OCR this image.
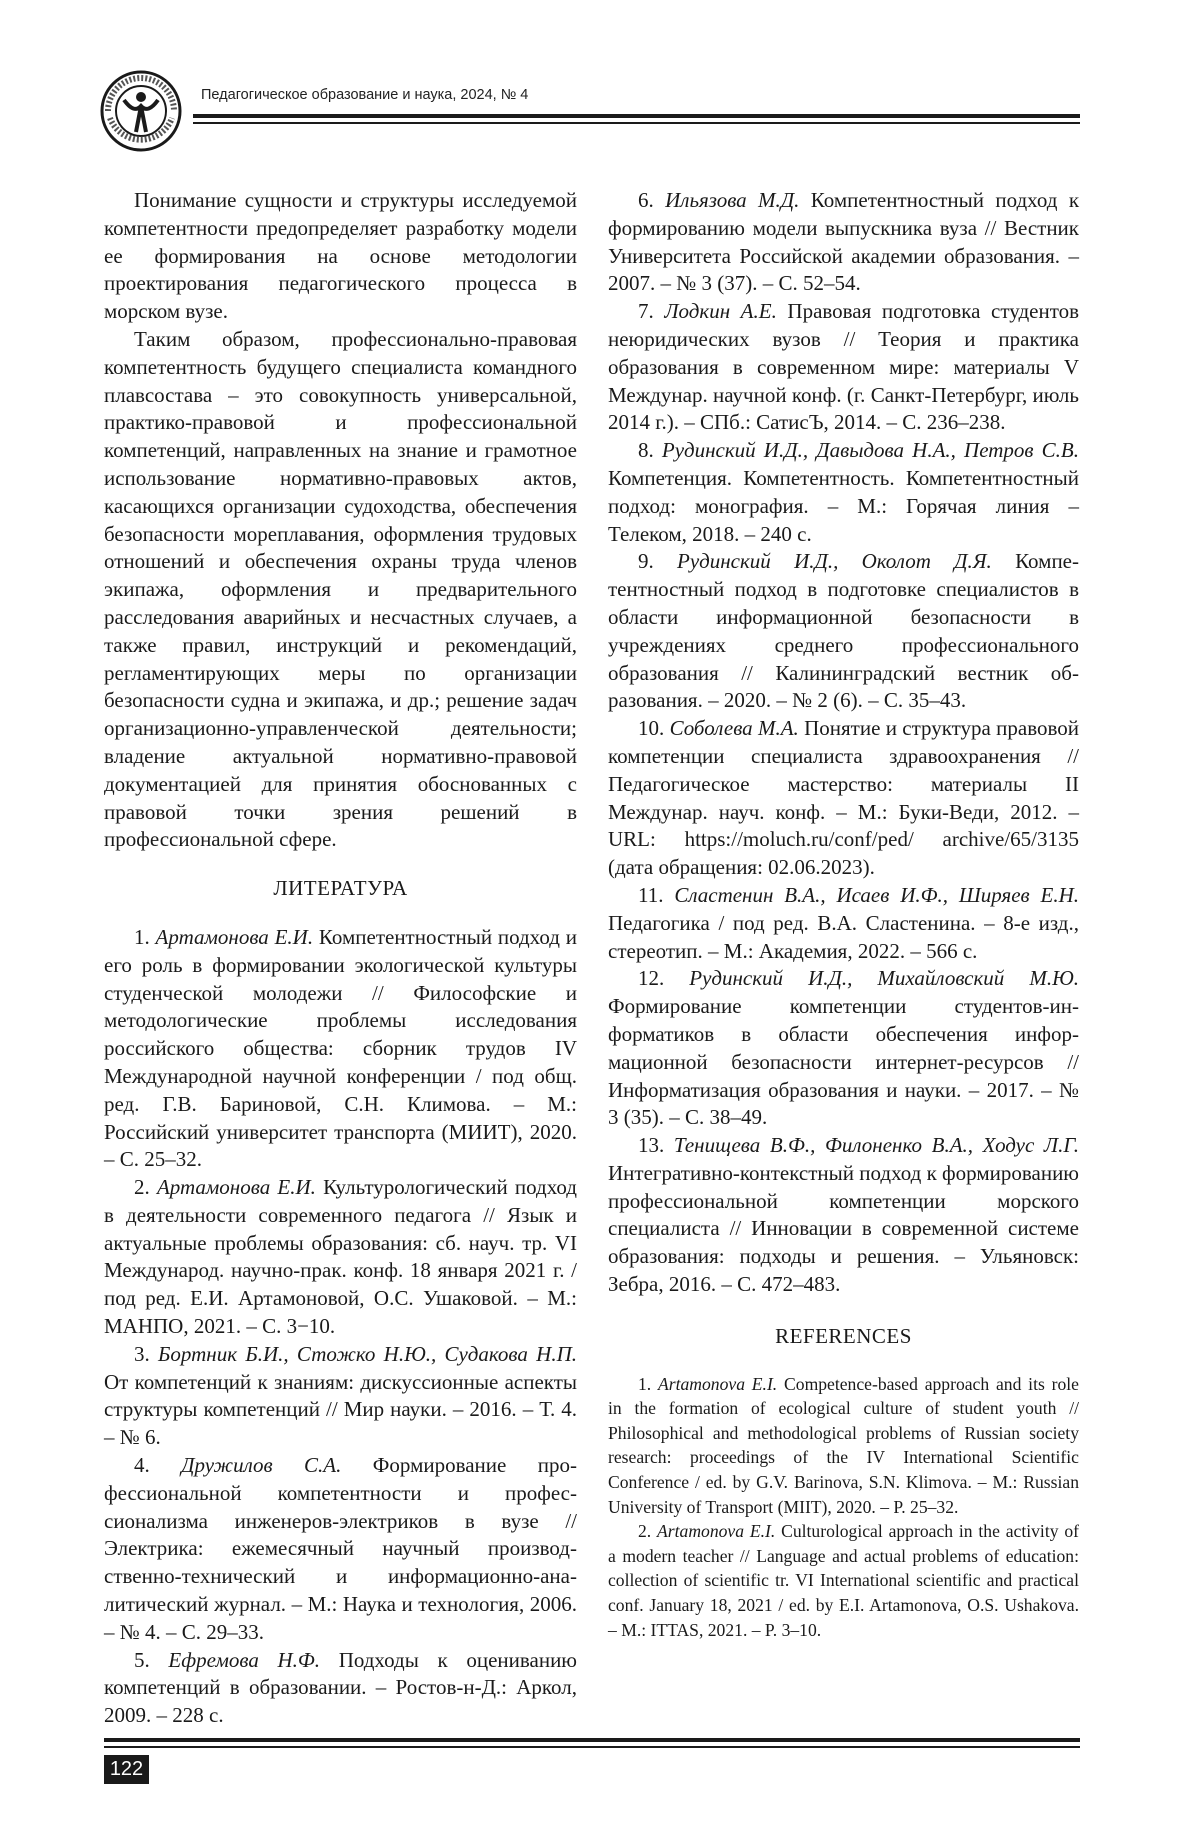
Педагогическое образование и наука, 2024, № 4

Понимание сущности и структуры исследуемой компетентности предопределяет разработку модели ее формирования на основе методологии проектирования педагогического процесса в морском вузе.

Таким образом, профессионально-правовая компетентность будущего специалиста командного плавсостава – это совокупность универсальной, практико-правовой и профессиональной компетенций, направленных на знание и грамотное использование нормативно-правовых актов, касающихся организации судоходства, обеспечения безопасности мореплавания, оформления трудовых отношений и обеспечения охраны труда членов экипажа, оформления и предварительного расследования аварийных и несчастных случаев, а также правил, инструкций и рекомендаций, регламентирующих меры по организации безопасности судна и экипажа, и др.; решение задач организационно-управленческой деятельности; владение актуальной нормативно-правовой документацией для принятия обоснованных с правовой точки зрения решений в профессиональной сфере.

ЛИТЕРАТУРА
1. Артамонова Е.И. Компетентностный подход и его роль в формировании экологической культуры студенческой молодежи // Философские и методологические проблемы исследования российского общества: сборник трудов IV Международной научной конференции / под общ. ред. Г.В. Бариновой, С.Н. Климова. – М.: Российский университет транспорта (МИИТ), 2020. – С. 25–32.
2. Артамонова Е.И. Культурологический подход в деятельности современного педагога // Язык и актуальные проблемы образования: сб. науч. тр. VI Международ. научно-прак. конф. 18 января 2021 г. / под ред. Е.И. Артамоновой, О.С. Ушаковой. – М.: МАНПО, 2021. – С. 3−10.
3. Бортник Б.И., Стожко Н.Ю., Судакова Н.П. От компетенций к знаниям: дискуссионные аспекты структуры компетенций // Мир науки. – 2016. – Т. 4. – № 6.
4. Дружилов С.А. Формирование профессиональной компетентности и профессионализма инженеров-электриков в вузе // Электрика: ежемесячный научный производственно-технический и информационно-аналитический журнал. – М.: Наука и технология, 2006. – № 4. – С. 29–33.
5. Ефремова Н.Ф. Подходы к оцениванию компетенций в образовании. – Ростов-н-Д.: Аркол, 2009. – 228 с.
6. Ильязова М.Д. Компетентностный подход к формированию модели выпускника вуза // Вестник Университета Российской академии образования. – 2007. – № 3 (37). – С. 52–54.
7. Лодкин А.Е. Правовая подготовка студентов неюридических вузов // Теория и практика образования в современном мире: материалы V Междунар. научной конф. (г. Санкт-Петербург, июль 2014 г.). – СПб.: СатисЪ, 2014. – С. 236–238.
8. Рудинский И.Д., Давыдова Н.А., Петров С.В. Компетенция. Компетентность. Компетентностный подход: монография. – М.: Горячая линия – Телеком, 2018. – 240 с.
9. Рудинский И.Д., Околот Д.Я. Компетентностный подход в подготовке специалистов в области информационной безопасности в учреждениях среднего профессионального образования // Калининградский вестник образования. – 2020. – № 2 (6). – С. 35–43.
10. Соболева М.А. Понятие и структура правовой компетенции специалиста здравоохранения // Педагогическое мастерство: материалы II Междунар. науч. конф. – М.: Буки-Веди, 2012. – URL: https://moluch.ru/conf/ped/ archive/65/3135 (дата обращения: 02.06.2023).
11. Сластенин В.А., Исаев И.Ф., Ширяев Е.Н. Педагогика / под ред. В.А. Сластенина. – 8-е изд., стереотип. – М.: Академия, 2022. – 566 с.
12. Рудинский И.Д., Михайловский М.Ю. Формирование компетенции студентов-информатиков в области обеспечения информационной безопасности интернет-ресурсов // Информатизация образования и науки. – 2017. – № 3 (35). – С. 38–49.
13. Тенищева В.Ф., Филоненко В.А., Ходус Л.Г. Интегративно-контекстный подход к формированию профессиональной компетенции морского специалиста // Инновации в современной системе образования: подходы и решения. – Ульяновск: Зебра, 2016. – С. 472–483.
REFERENCES
1. Artamonova E.I. Competence-based approach and its role in the formation of ecological culture of student youth // Philosophical and methodological problems of Russian society research: proceedings of the IV International Scientific Conference / ed. by G.V. Barinova, S.N. Klimova. – M.: Russian University of Transport (MIIT), 2020. – P. 25–32.
2. Artamonova E.I. Culturological approach in the activity of a modern teacher // Language and actual problems of education: collection of scientific tr. VI International scientific and practical conf. January 18, 2021 / ed. by E.I. Artamonova, O.S. Ushakova. – M.: ITTAS, 2021. – P. 3–10.
122
